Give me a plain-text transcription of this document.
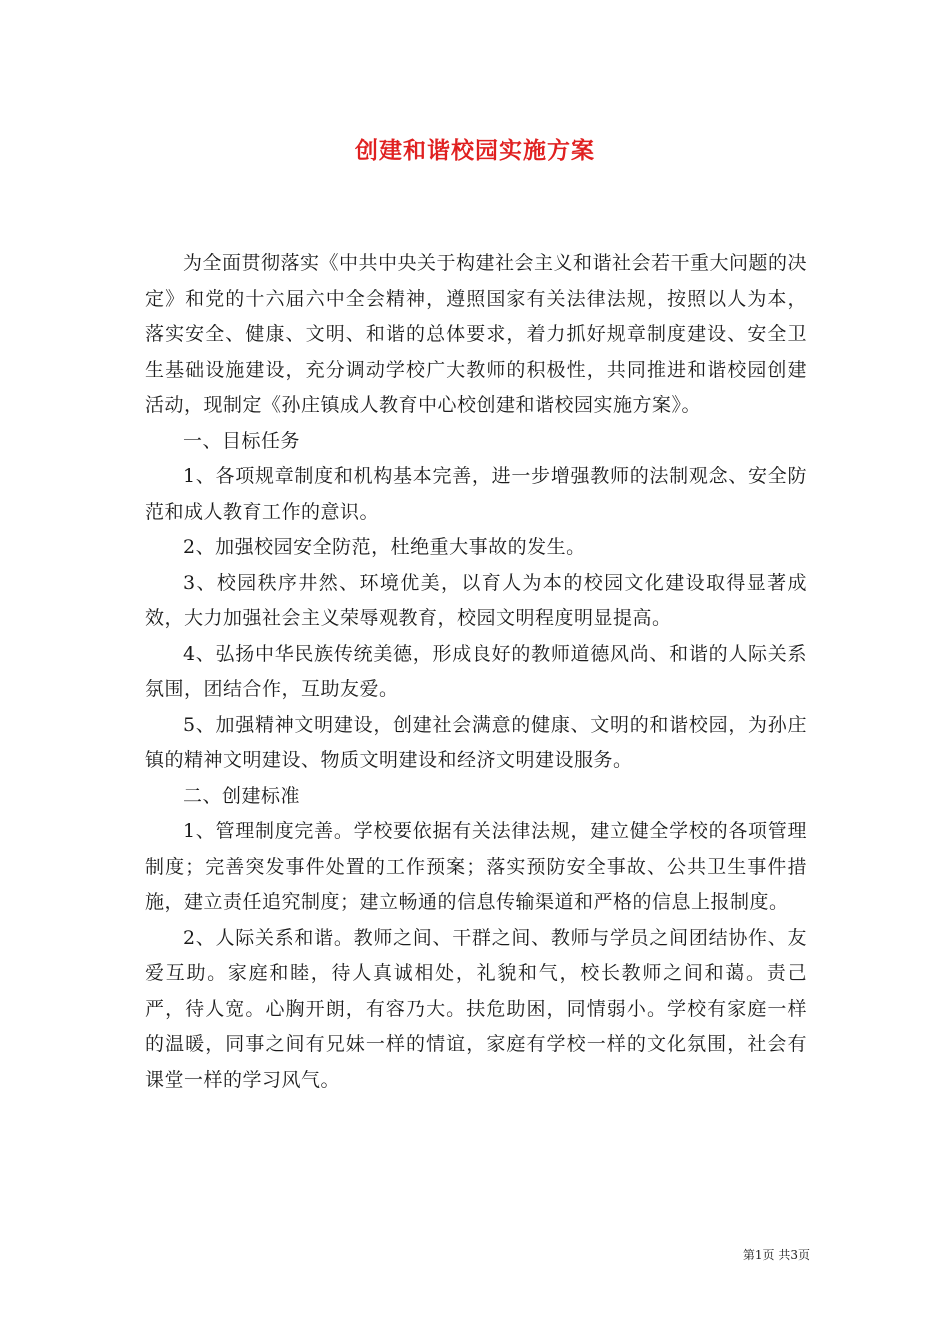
创建和谐校园实施方案

为全面贯彻落实《中共中央关于构建社会主义和谐社会若干重大问题的决定》和党的十六届六中全会精神，遵照国家有关法律法规，按照以人为本，落实安全、健康、文明、和谐的总体要求，着力抓好规章制度建设、安全卫生基础设施建设，充分调动学校广大教师的积极性，共同推进和谐校园创建活动，现制定《孙庄镇成人教育中心校创建和谐校园实施方案》。

一、目标任务

1、各项规章制度和机构基本完善，进一步增强教师的法制观念、安全防范和成人教育工作的意识。

2、加强校园安全防范，杜绝重大事故的发生。

3、校园秩序井然、环境优美，以育人为本的校园文化建设取得显著成效，大力加强社会主义荣辱观教育，校园文明程度明显提高。

4、弘扬中华民族传统美德，形成良好的教师道德风尚、和谐的人际关系氛围，团结合作，互助友爱。

5、加强精神文明建设，创建社会满意的健康、文明的和谐校园，为孙庄镇的精神文明建设、物质文明建设和经济文明建设服务。

二、创建标准

1、管理制度完善。学校要依据有关法律法规，建立健全学校的各项管理制度；完善突发事件处置的工作预案；落实预防安全事故、公共卫生事件措施，建立责任追究制度；建立畅通的信息传输渠道和严格的信息上报制度。

2、人际关系和谐。教师之间、干群之间、教师与学员之间团结协作、友爱互助。家庭和睦，待人真诚相处，礼貌和气，校长教师之间和蔼。责己严，待人宽。心胸开朗，有容乃大。扶危助困，同情弱小。学校有家庭一样的温暖，同事之间有兄妹一样的情谊，家庭有学校一样的文化氛围，社会有课堂一样的学习风气。

第1页 共3页
